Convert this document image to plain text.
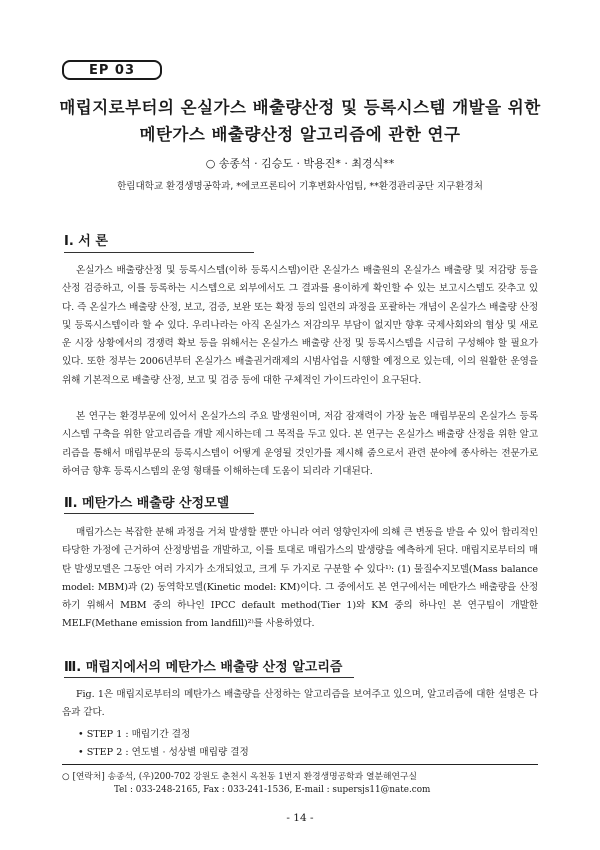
EP 03
매립지로부터의 온실가스 배출량산정 및 등록시스템 개발을 위한
메탄가스 배출량산정 알고리즘에 관한 연구
○ 송종석 · 김승도 · 박용진* · 최경식**
한림대학교 환경생명공학과, *에코프론티어 기후변화사업팀, **환경관리공단 지구환경처
Ⅰ. 서 론

온실가스 배출량산정 및 등록시스템(이하 등록시스템)이란 온실가스 배출원의 온실가스 배출량 및 저감량 등을 산정 검증하고, 이를 등록하는 시스템으로 외부에서도 그 결과를 용이하게 확인할 수 있는 보고시스템도 갖추고 있다. 즉 온실가스 배출량 산정, 보고, 검증, 보완 또는 확정 등의 일련의 과정을 포괄하는 개념이 온실가스 배출량 산정 및 등록시스템이라 할 수 있다. 우리나라는 아직 온실가스 저감의무 부담이 없지만 향후 국제사회와의 협상 및 새로운 시장 상황에서의 경쟁력 확보 등을 위해서는 온실가스 배출량 산정 및 등록시스템을 시급히 구성해야 할 필요가 있다. 또한 정부는 2006년부터 온실가스 배출권거래제의 시범사업을 시행할 예정으로 있는데, 이의 원활한 운영을 위해 기본적으로 배출량 산정, 보고 및 검증 등에 대한 구체적인 가이드라인이 요구된다.

본 연구는 환경부문에 있어서 온실가스의 주요 발생원이며, 저감 잠재력이 가장 높은 매립부문의 온실가스 등록시스템 구축을 위한 알고리즘을 개발 제시하는데 그 목적을 두고 있다. 본 연구는 온실가스 배출량 산정을 위한 알고리즘을 통해서 매립부문의 등록시스템이 어떻게 운영될 것인가를 제시해 줌으로서 관련 분야에 종사하는 전문가로 하여금 향후 등록시스템의 운영 형태를 이해하는데 도움이 되리라 기대된다.

Ⅱ. 메탄가스 배출량 산정모델

매립가스는 복잡한 분해 과정을 거쳐 발생할 뿐만 아니라 여러 영향인자에 의해 큰 변동을 받을 수 있어 합리적인 타당한 가정에 근거하여 산정방법을 개발하고, 이를 토대로 매립가스의 발생량을 예측하게 된다. 매립지로부터의 매탄 발생모델은 그동안 여러 가지가 소개되었고, 크게 두 가지로 구분할 수 있다¹⁾: (1) 물질수지모델(Mass balance model: MBM)과 (2) 동역학모델(Kinetic model: KM)이다. 그 중에서도 본 연구에서는 메탄가스 배출량을 산정하기 위해서 MBM 중의 하나인 IPCC default method(Tier 1)와 KM 중의 하나인 본 연구팀이 개발한 MELF(Methane emission from landfill)²⁾를 사용하였다.

Ⅲ. 매립지에서의 메탄가스 배출량 산정 알고리즘

Fig. 1은 매립지로부터의 메탄가스 배출량을 산정하는 알고리즘을 보여주고 있으며, 알고리즘에 대한 설명은 다음과 같다.

• STEP 1 : 매립기간 결정
• STEP 2 : 연도별 · 성상별 매립량 결정
○ [연락처] 송종석, (우)200-702 강원도 춘천시 옥천동 1번지 환경생명공학과 열분해연구실
Tel : 033-248-2165, Fax : 033-241-1536, E-mail : supersjs11@nate.com
- 14 -
